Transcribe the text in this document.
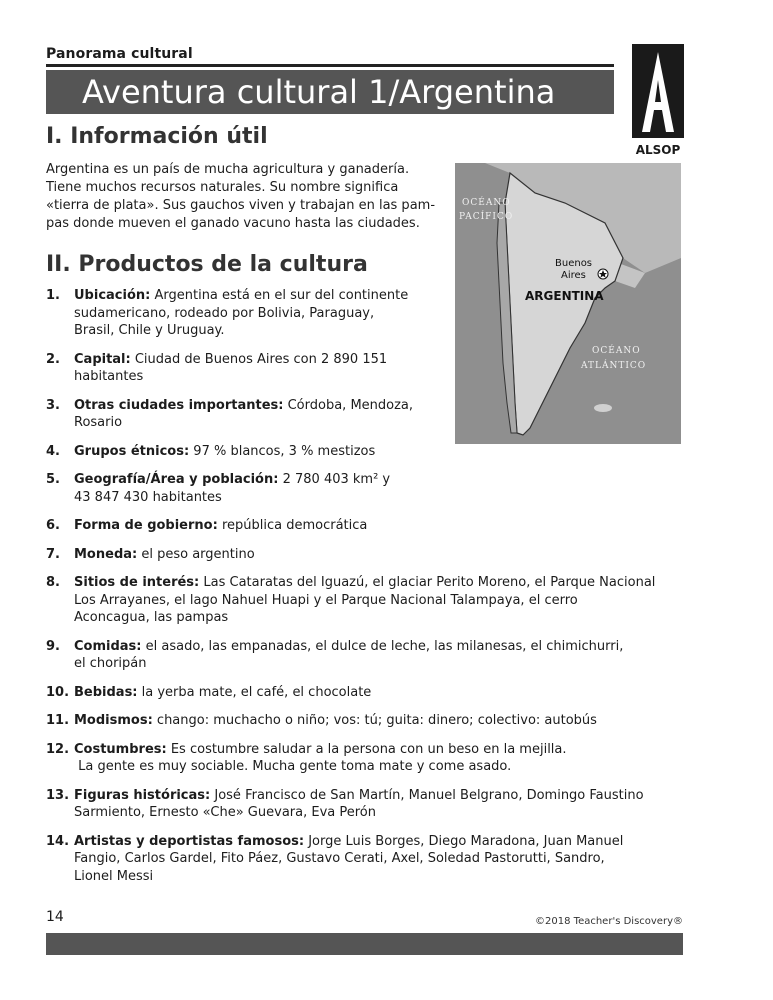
Panorama cultural
Aventura cultural 1/Argentina
ALSOP
I. Información útil
Argentina es un país de mucha agricultura y ganadería.
Tiene muchos recursos naturales. Su nombre significa
«tierra de plata». Sus gauchos viven y trabajan en las pam-
pas donde mueven el ganado vacuno hasta las ciudades.
OCÉANO
PACÍFICO
OCÉANO
ATLÁNTICO
Buenos
Aires
ARGENTINA
II. Productos de la cultura
1. Ubicación: Argentina está en el sur del continente
sudamericano, rodeado por Bolivia, Paraguay,
Brasil, Chile y Uruguay.
2. Capital: Ciudad de Buenos Aires con 2 890 151
habitantes
3. Otras ciudades importantes: Córdoba, Mendoza,
Rosario
4. Grupos étnicos: 97 % blancos, 3 % mestizos
5. Geografía/Área y población: 2 780 403 km² y
43 847 430 habitantes
6. Forma de gobierno: república democrática
7. Moneda: el peso argentino
8. Sitios de interés: Las Cataratas del Iguazú, el glaciar Perito Moreno, el Parque Nacional
Los Arrayanes, el lago Nahuel Huapi y el Parque Nacional Talampaya, el cerro
Aconcagua, las pampas
9. Comidas: el asado, las empanadas, el dulce de leche, las milanesas, el chimichurri,
el choripán
10. Bebidas: la yerba mate, el café, el chocolate
11. Modismos: chango: muchacho o niño; vos: tú; guita: dinero; colectivo: autobús
12. Costumbres: Es costumbre saludar a la persona con un beso en la mejilla.
La gente es muy sociable. Mucha gente toma mate y come asado.
13. Figuras históricas: José Francisco de San Martín, Manuel Belgrano, Domingo Faustino
Sarmiento, Ernesto «Che» Guevara, Eva Perón
14. Artistas y deportistas famosos: Jorge Luis Borges, Diego Maradona, Juan Manuel
Fangio, Carlos Gardel, Fito Páez, Gustavo Cerati, Axel, Soledad Pastorutti, Sandro,
Lionel Messi
14	©2018 Teacher's Discovery®
